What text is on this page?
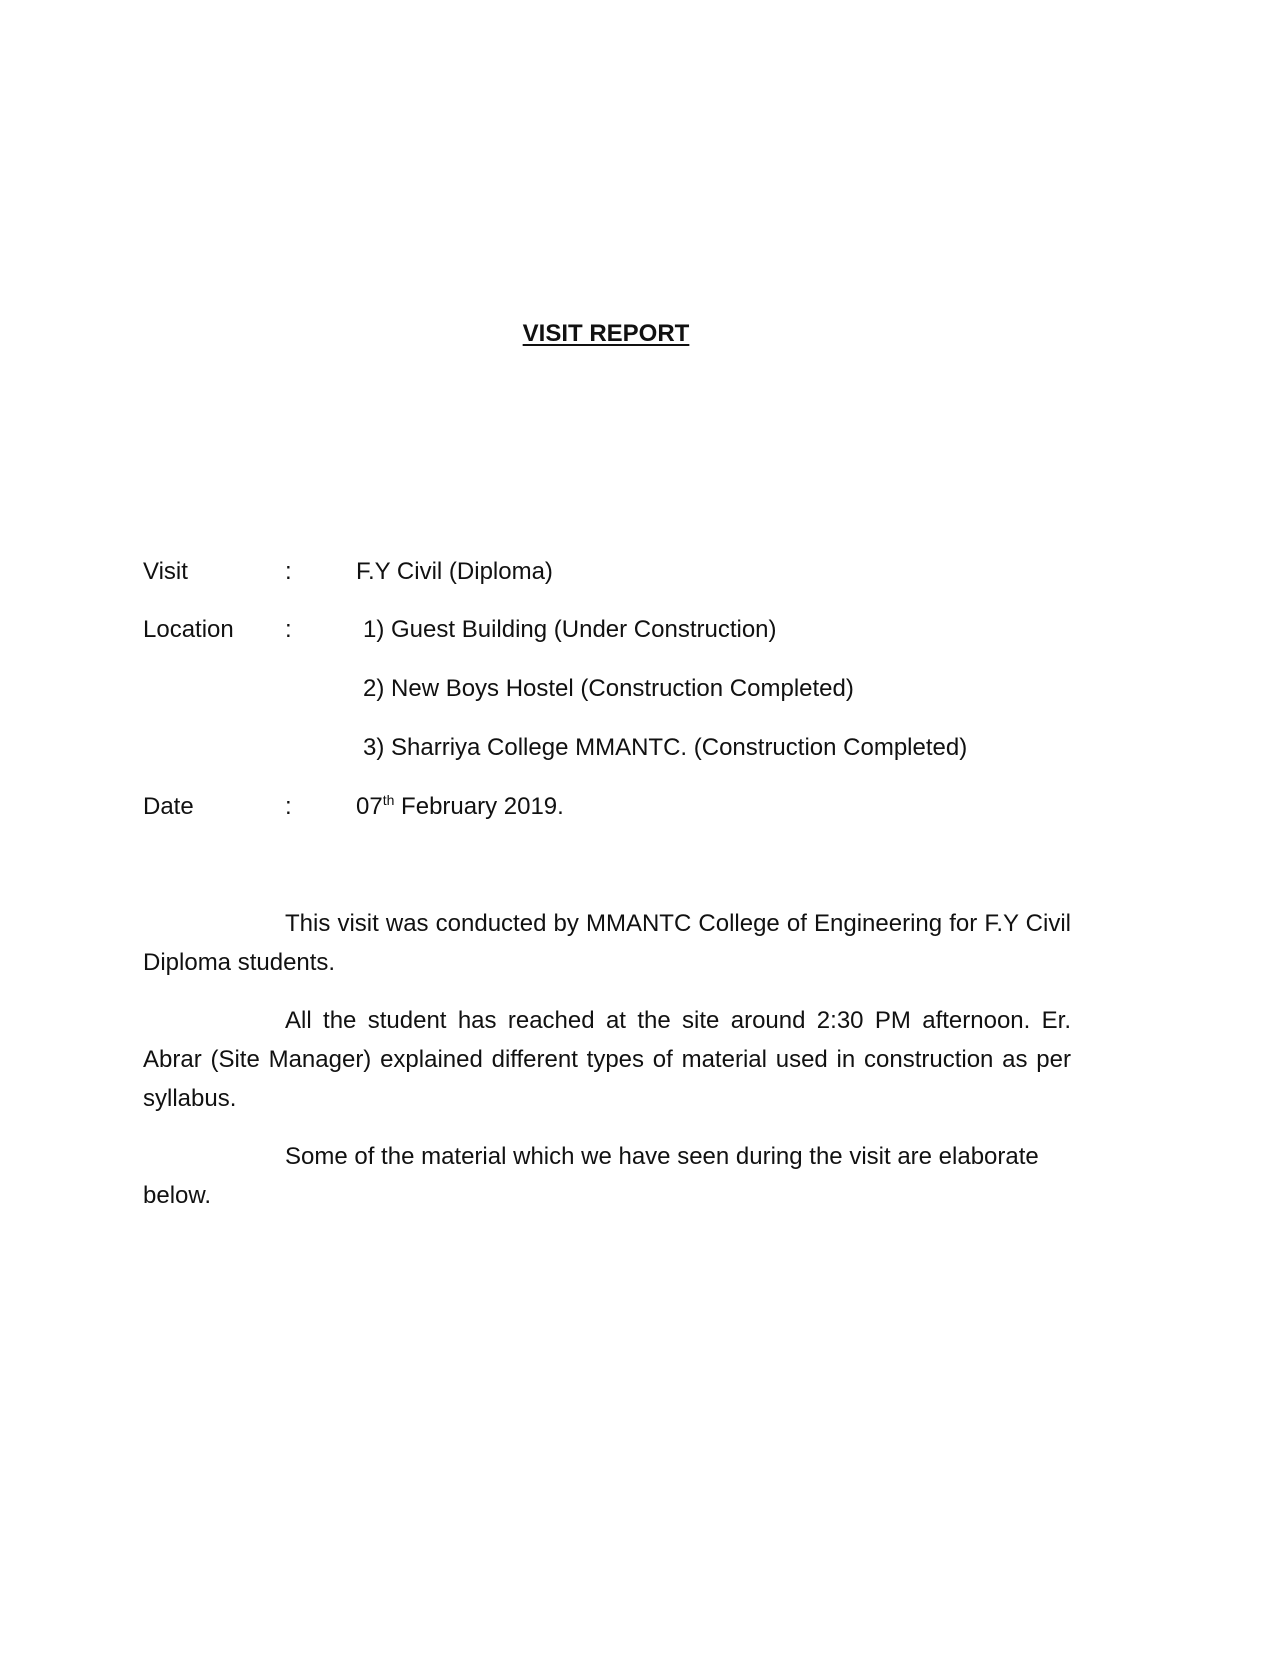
VISIT REPORT
Visit	:	F.Y Civil (Diploma)
Location :	1) Guest Building (Under Construction)
2) New Boys Hostel (Construction Completed)
3) Sharriya College MMANTC. (Construction Completed)
Date	:	07th February 2019.

This visit was conducted by MMANTC College of Engineering for F.Y Civil Diploma students.

All the student has reached at the site around 2:30 PM afternoon. Er. Abrar (Site Manager) explained different types of material used in construction as per syllabus.

Some of the material which we have seen during the visit are elaborate below.
